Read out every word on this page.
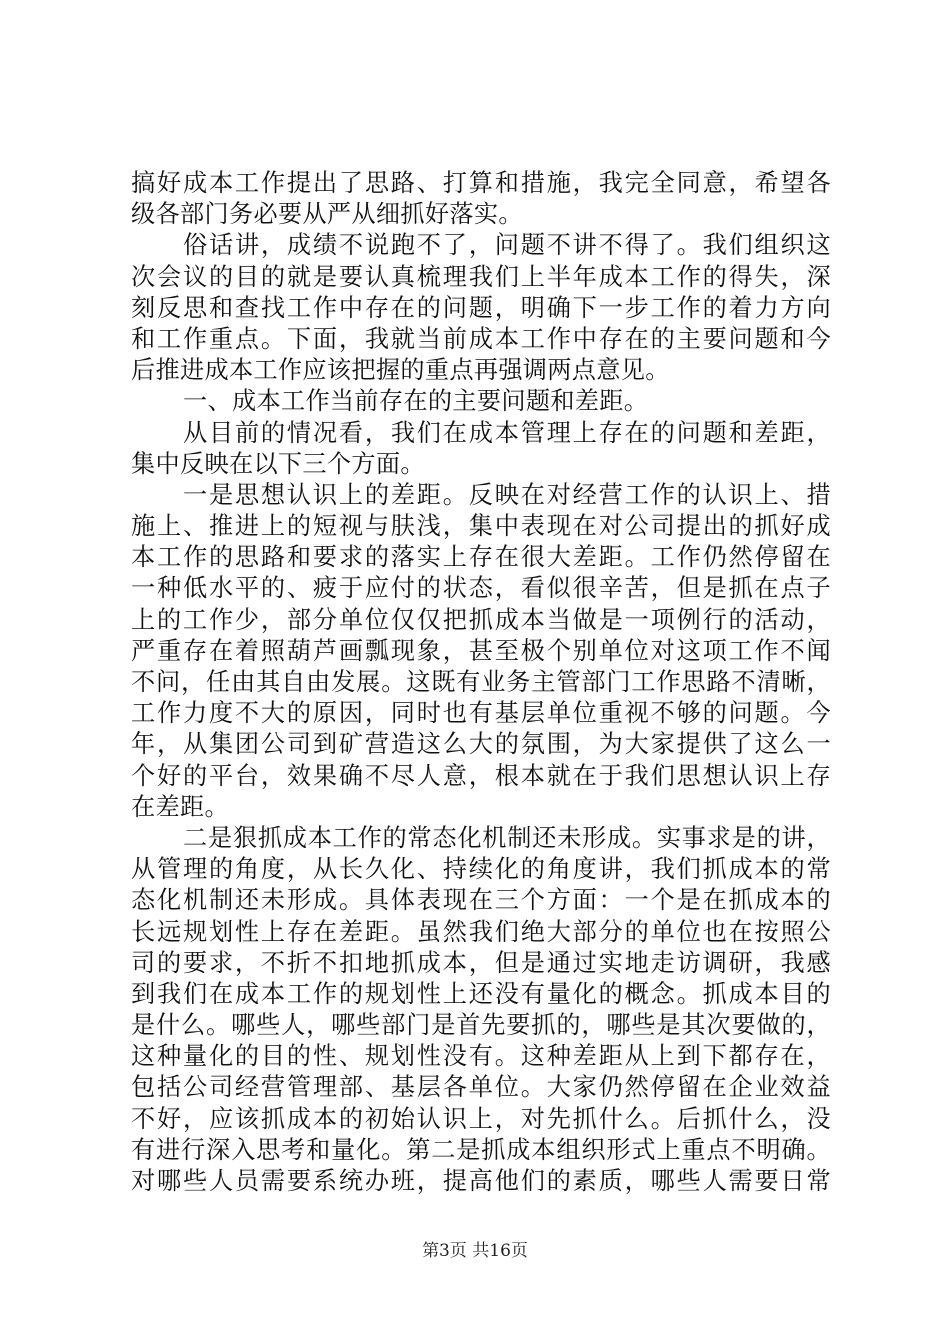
搞好成本工作提出了思路、打算和措施，我完全同意，希望各
级各部门务必要从严从细抓好落实。
俗话讲，成绩不说跑不了，问题不讲不得了。我们组织这
次会议的目的就是要认真梳理我们上半年成本工作的得失，深
刻反思和查找工作中存在的问题，明确下一步工作的着力方向
和工作重点。下面，我就当前成本工作中存在的主要问题和今
后推进成本工作应该把握的重点再强调两点意见。
一、成本工作当前存在的主要问题和差距。
从目前的情况看，我们在成本管理上存在的问题和差距，
集中反映在以下三个方面。
一是思想认识上的差距。反映在对经营工作的认识上、措
施上、推进上的短视与肤浅，集中表现在对公司提出的抓好成
本工作的思路和要求的落实上存在很大差距。工作仍然停留在
一种低水平的、疲于应付的状态，看似很辛苦，但是抓在点子
上的工作少，部分单位仅仅把抓成本当做是一项例行的活动，
严重存在着照葫芦画瓢现象，甚至极个别单位对这项工作不闻
不问，任由其自由发展。这既有业务主管部门工作思路不清晰，
工作力度不大的原因，同时也有基层单位重视不够的问题。今
年，从集团公司到矿营造这么大的氛围，为大家提供了这么一
个好的平台，效果确不尽人意，根本就在于我们思想认识上存
在差距。
二是狠抓成本工作的常态化机制还未形成。实事求是的讲，
从管理的角度，从长久化、持续化的角度讲，我们抓成本的常
态化机制还未形成。具体表现在三个方面：一个是在抓成本的
长远规划性上存在差距。虽然我们绝大部分的单位也在按照公
司的要求，不折不扣地抓成本，但是通过实地走访调研，我感
到我们在成本工作的规划性上还没有量化的概念。抓成本目的
是什么。哪些人，哪些部门是首先要抓的，哪些是其次要做的，
这种量化的目的性、规划性没有。这种差距从上到下都存在，
包括公司经营管理部、基层各单位。大家仍然停留在企业效益
不好，应该抓成本的初始认识上，对先抓什么。后抓什么，没
有进行深入思考和量化。第二是抓成本组织形式上重点不明确。
对哪些人员需要系统办班，提高他们的素质，哪些人需要日常
第3页 共16页
